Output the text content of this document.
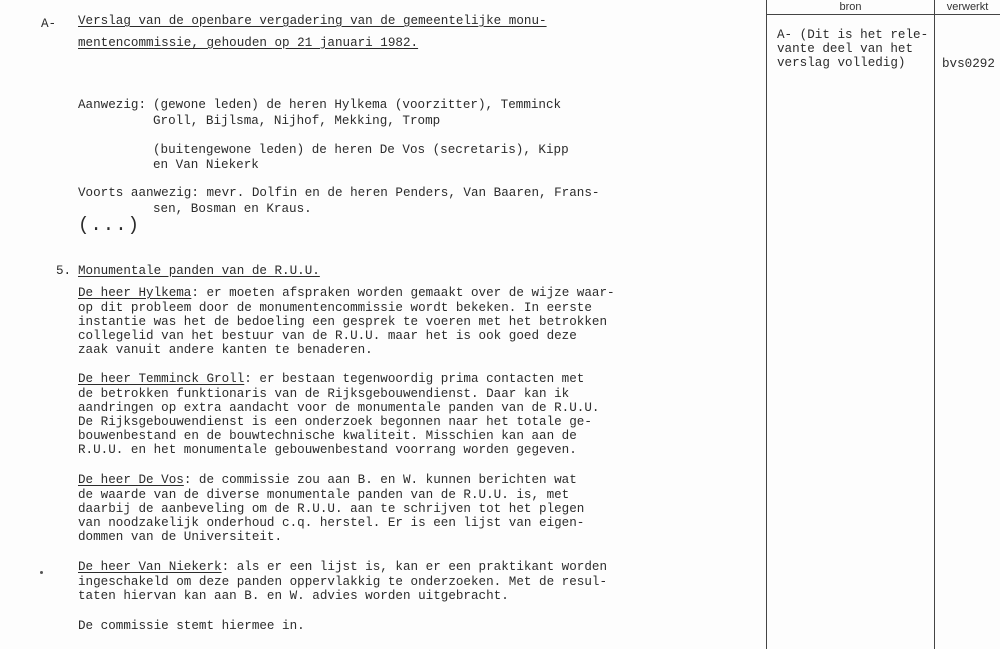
A- Verslag van de openbare vergadering van de gemeentelijke monu-
mentencommissie, gehouden op 21 januari 1982.
Aanwezig: (gewone leden) de heren Hylkema (voorzitter), Temminck
Groll, Bijlsma, Nijhof, Mekking, Tromp
(buitengewone leden) de heren De Vos (secretaris), Kipp
en Van Niekerk
Voorts aanwezig: mevr. Dolfin en de heren Penders, Van Baaren, Frans-
sen, Bosman en Kraus.
(...)
5. Monumentale panden van de R.U.U.
De heer Hylkema: er moeten afspraken worden gemaakt over de wijze waar-
op dit probleem door de monumentencommissie wordt bekeken. In eerste
instantie was het de bedoeling een gesprek te voeren met het betrokken
collegelid van het bestuur van de R.U.U. maar het is ook goed deze
zaak vanuit andere kanten te benaderen.
De heer Temminck Groll: er bestaan tegenwoordig prima contacten met
de betrokken funktionaris van de Rijksgebouwendienst. Daar kan ik
aandringen op extra aandacht voor de monumentale panden van de R.U.U.
De Rijksgebouwendienst is een onderzoek begonnen naar het totale ge-
bouwenbestand en de bouwtechnische kwaliteit. Misschien kan aan de
R.U.U. en het monumentale gebouwenbestand voorrang worden gegeven.
De heer De Vos: de commissie zou aan B. en W. kunnen berichten wat
de waarde van de diverse monumentale panden van de R.U.U. is, met
daarbij de aanbeveling om de R.U.U. aan te schrijven tot het plegen
van noodzakelijk onderhoud c.q. herstel. Er is een lijst van eigen-
dommen van de Universiteit.
De heer Van Niekerk: als er een lijst is, kan er een praktikant worden
ingeschakeld om deze panden oppervlakkig te onderzoeken. Met de resul-
taten hiervan kan aan B. en W. advies worden uitgebracht.
De commissie stemt hiermee in.
bron	verwerkt
A- (Dit is het rele-
vante deel van het
verslag volledig)	bvs0292
